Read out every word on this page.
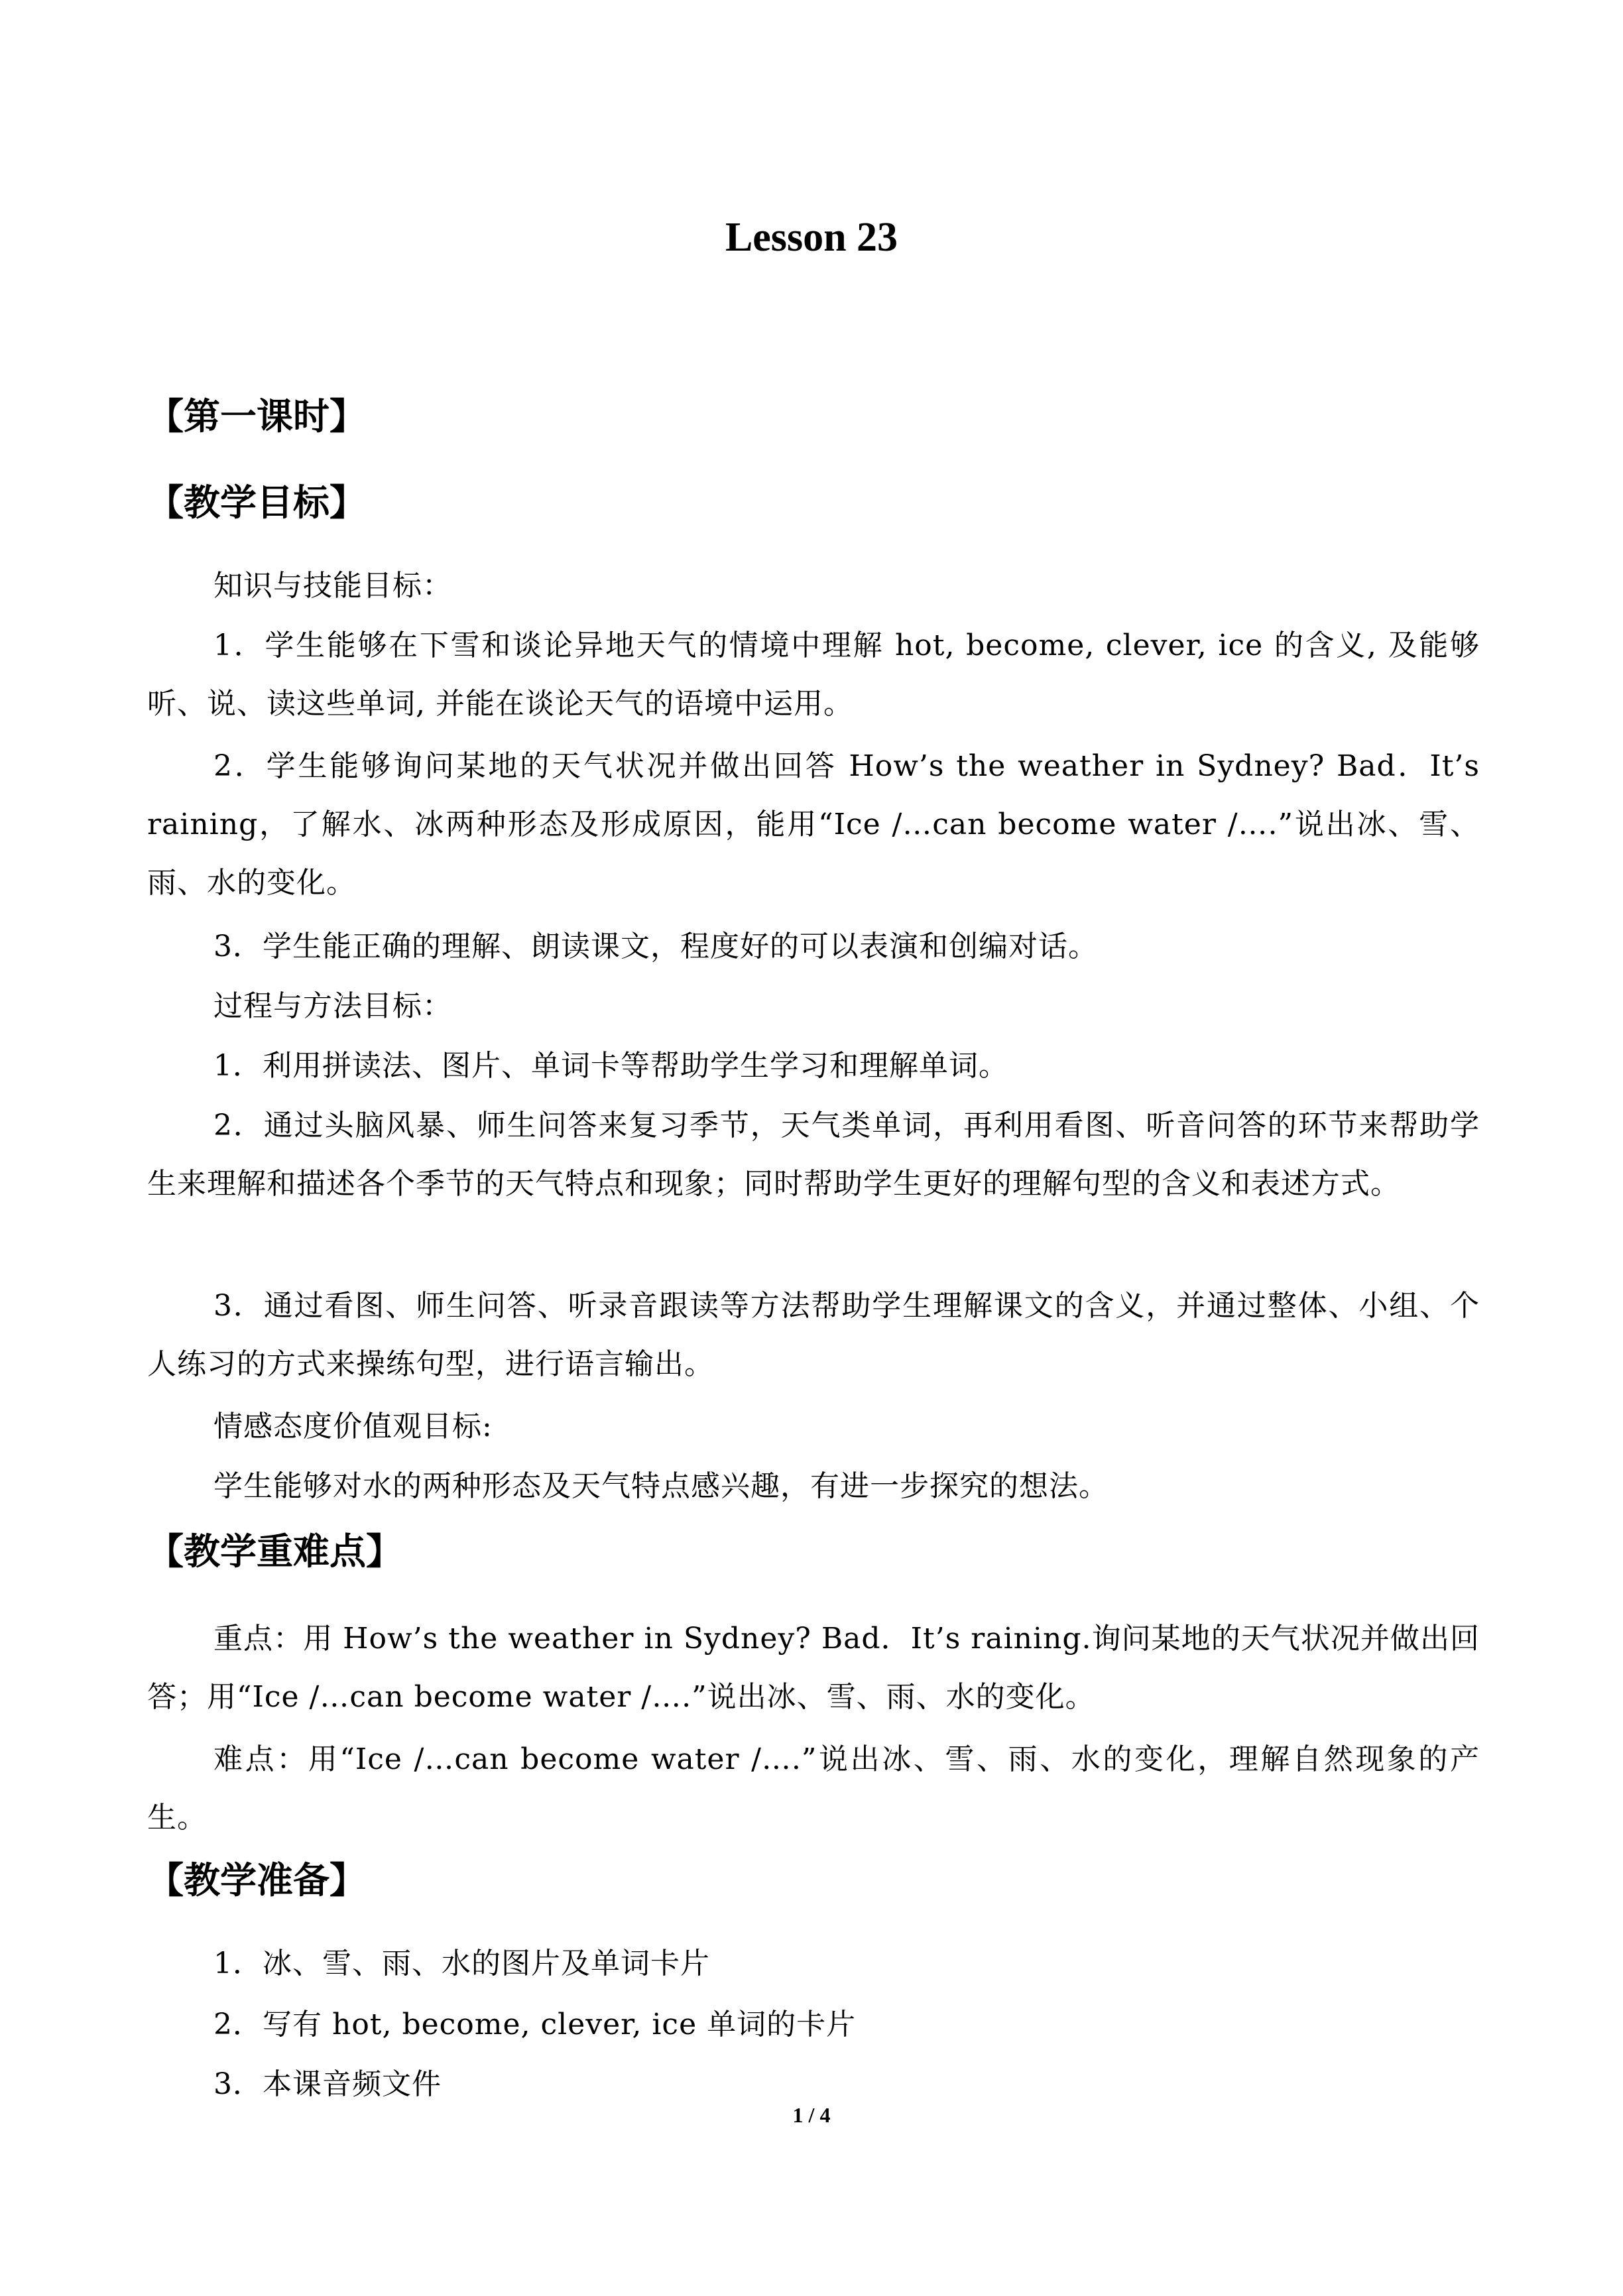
Lesson 23
【第一课时】
【教学目标】

知识与技能目标：

1．学生能够在下雪和谈论异地天气的情境中理解 hot, become, clever, ice 的含义, 及能够听、说、读这些单词, 并能在谈论天气的语境中运用。

2．学生能够询问某地的天气状况并做出回答 How’s the weather in Sydney? Bad．It’s raining，了解水、冰两种形态及形成原因，能用“Ice /…can become water /….”说出冰、雪、雨、水的变化。

3．学生能正确的理解、朗读课文，程度好的可以表演和创编对话。

过程与方法目标：

1．利用拼读法、图片、单词卡等帮助学生学习和理解单词。

2．通过头脑风暴、师生问答来复习季节，天气类单词，再利用看图、听音问答的环节来帮助学生来理解和描述各个季节的天气特点和现象；同时帮助学生更好的理解句型的含义和表述方式。

3．通过看图、师生问答、听录音跟读等方法帮助学生理解课文的含义，并通过整体、小组、个人练习的方式来操练句型，进行语言输出。

情感态度价值观目标:

学生能够对水的两种形态及天气特点感兴趣，有进一步探究的想法。

【教学重难点】

重点：用 How’s the weather in Sydney? Bad．It’s raining.询问某地的天气状况并做出回答；用“Ice /…can become water /….”说出冰、雪、雨、水的变化。

难点：用“Ice /…can become water /….”说出冰、雪、雨、水的变化，理解自然现象的产生。

【教学准备】

1．冰、雪、雨、水的图片及单词卡片

2．写有 hot, become, clever, ice 单词的卡片

3．本课音频文件

1 / 4
